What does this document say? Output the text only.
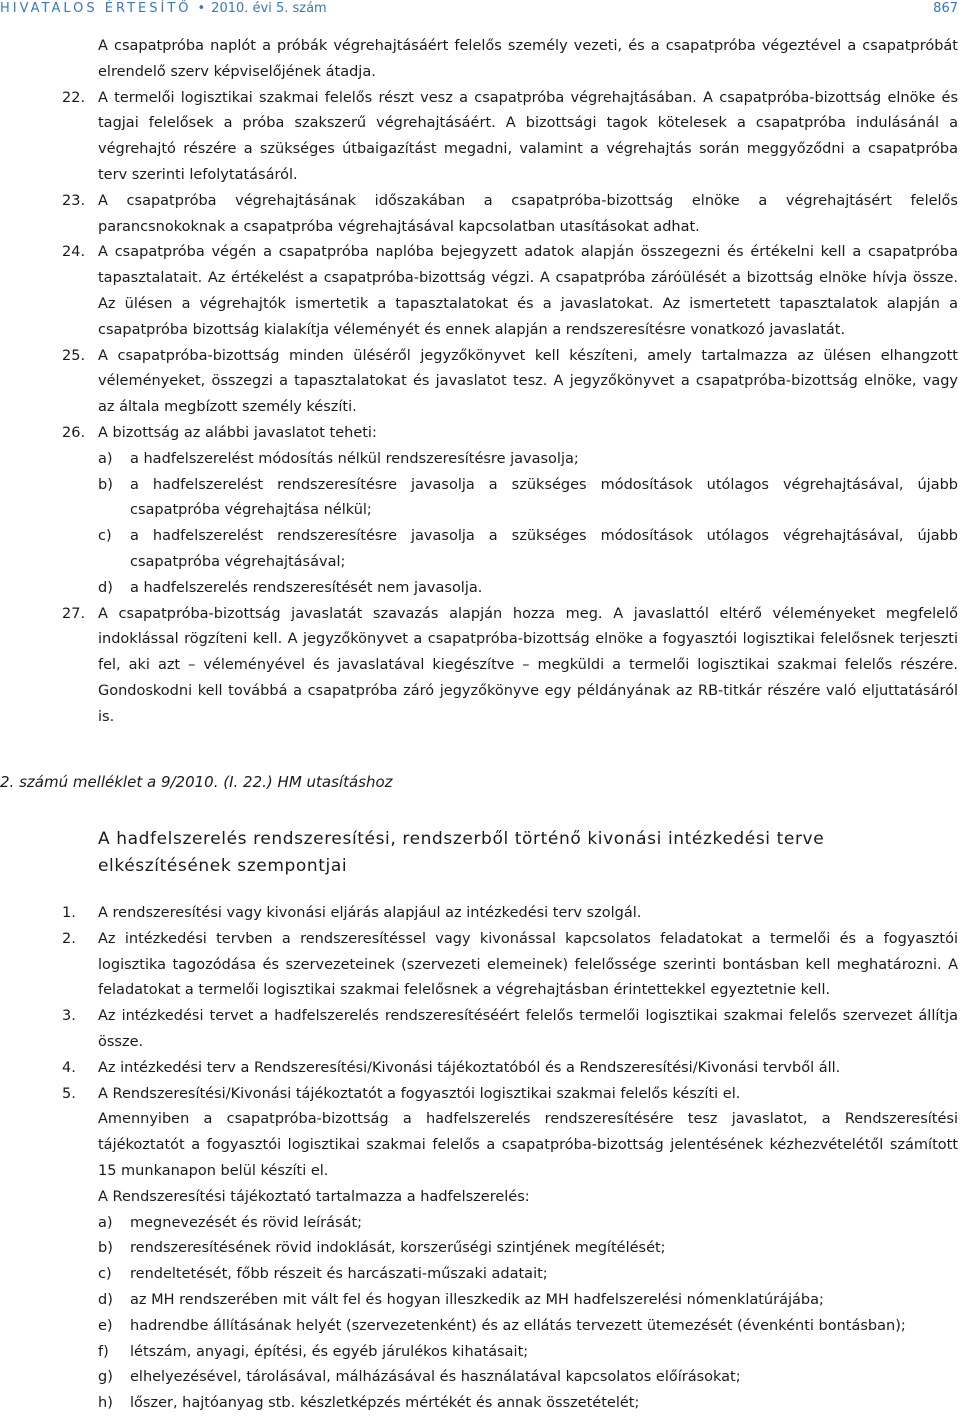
HIVATALOS ÉRTESÍTŐ • 2010. évi 5. szám	867
A csapatpróba naplót a próbák végrehajtásáért felelős személy vezeti, és a csapatpróba végeztével a csapatpróbát elrendelő szerv képviselőjének átadja.
22. A termelői logisztikai szakmai felelős részt vesz a csapatpróba végrehajtásában. A csapatpróba-bizottság elnöke és tagjai felelősek a próba szakszerű végrehajtásáért. A bizottsági tagok kötelesek a csapatpróba indulásánál a végrehajtó részére a szükséges útbaigazítást megadni, valamint a végrehajtás során meggyőződni a csapatpróba terv szerinti lefolytatásáról.
23. A csapatpróba végrehajtásának időszakában a csapatpróba-bizottság elnöke a végrehajtásért felelős parancsnokoknak a csapatpróba végrehajtásával kapcsolatban utasításokat adhat.
24. A csapatpróba végén a csapatpróba naplóba bejegyzett adatok alapján összegezni és értékelni kell a csapatpróba tapasztalatait. Az értékelést a csapatpróba-bizottság végzi. A csapatpróba záróülését a bizottság elnöke hívja össze. Az ülésen a végrehajtók ismertetik a tapasztalatokat és a javaslatokat. Az ismertetett tapasztalatok alapján a csapatpróba bizottság kialakítja véleményét és ennek alapján a rendszeresítésre vonatkozó javaslatát.
25. A csapatpróba-bizottság minden üléséről jegyzőkönyvet kell készíteni, amely tartalmazza az ülésen elhangzott véleményeket, összegzi a tapasztalatokat és javaslatot tesz. A jegyzőkönyvet a csapatpróba-bizottság elnöke, vagy az általa megbízott személy készíti.
26. A bizottság az alábbi javaslatot teheti:
a) a hadfelszerelést módosítás nélkül rendszeresítésre javasolja;
b) a hadfelszerelést rendszeresítésre javasolja a szükséges módosítások utólagos végrehajtásával, újabb csapatpróba végrehajtása nélkül;
c) a hadfelszerelést rendszeresítésre javasolja a szükséges módosítások utólagos végrehajtásával, újabb csapatpróba végrehajtásával;
d) a hadfelszerelés rendszeresítését nem javasolja.
27. A csapatpróba-bizottság javaslatát szavazás alapján hozza meg. A javaslattól eltérő véleményeket megfelelő indoklással rögzíteni kell. A jegyzőkönyvet a csapatpróba-bizottság elnöke a fogyasztói logisztikai felelősnek terjeszti fel, aki azt – véleményével és javaslatával kiegészítve – megküldi a termelői logisztikai szakmai felelős részére. Gondoskodni kell továbbá a csapatpróba záró jegyzőkönyve egy példányának az RB-titkár részére való eljuttatásáról is.
2. számú melléklet a 9/2010. (I. 22.) HM utasításhoz
A hadfelszerelés rendszeresítési, rendszerből történő kivonási intézkedési terve elkészítésének szempontjai
1. A rendszeresítési vagy kivonási eljárás alapjául az intézkedési terv szolgál.
2. Az intézkedési tervben a rendszeresítéssel vagy kivonással kapcsolatos feladatokat a termelői és a fogyasztói logisztika tagozódása és szervezeteinek (szervezeti elemeinek) felelőssége szerinti bontásban kell meghatározni. A feladatokat a termelői logisztikai szakmai felelősnek a végrehajtásban érintettekkel egyeztetnie kell.
3. Az intézkedési tervet a hadfelszerelés rendszeresítéséért felelős termelői logisztikai szakmai felelős szervezet állítja össze.
4. Az intézkedési terv a Rendszeresítési/Kivonási tájékoztatóból és a Rendszeresítési/Kivonási tervből áll.
5. A Rendszeresítési/Kivonási tájékoztatót a fogyasztói logisztikai szakmai felelős készíti el.
Amennyiben a csapatpróba-bizottság a hadfelszerelés rendszeresítésére tesz javaslatot, a Rendszeresítési tájékoztatót a fogyasztói logisztikai szakmai felelős a csapatpróba-bizottság jelentésének kézhezvételétől számított 15 munkanapon belül készíti el.
A Rendszeresítési tájékoztató tartalmazza a hadfelszerelés:
a) megnevezését és rövid leírását;
b) rendszeresítésének rövid indoklását, korszerűségi szintjének megítélését;
c) rendeltetését, főbb részeit és harcászati-műszaki adatait;
d) az MH rendszerében mit vált fel és hogyan illeszkedik az MH hadfelszerelési nómenklatúrájába;
e) hadrendbe állításának helyét (szervezetenként) és az ellátás tervezett ütemezését (évenkénti bontásban);
f) létszám, anyagi, építési, és egyéb járulékos kihatásait;
g) elhelyezésével, tárolásával, málházásával és használatával kapcsolatos előírásokat;
h) lőszer, hajtóanyag stb. készletképzés mértékét és annak összetételét;
